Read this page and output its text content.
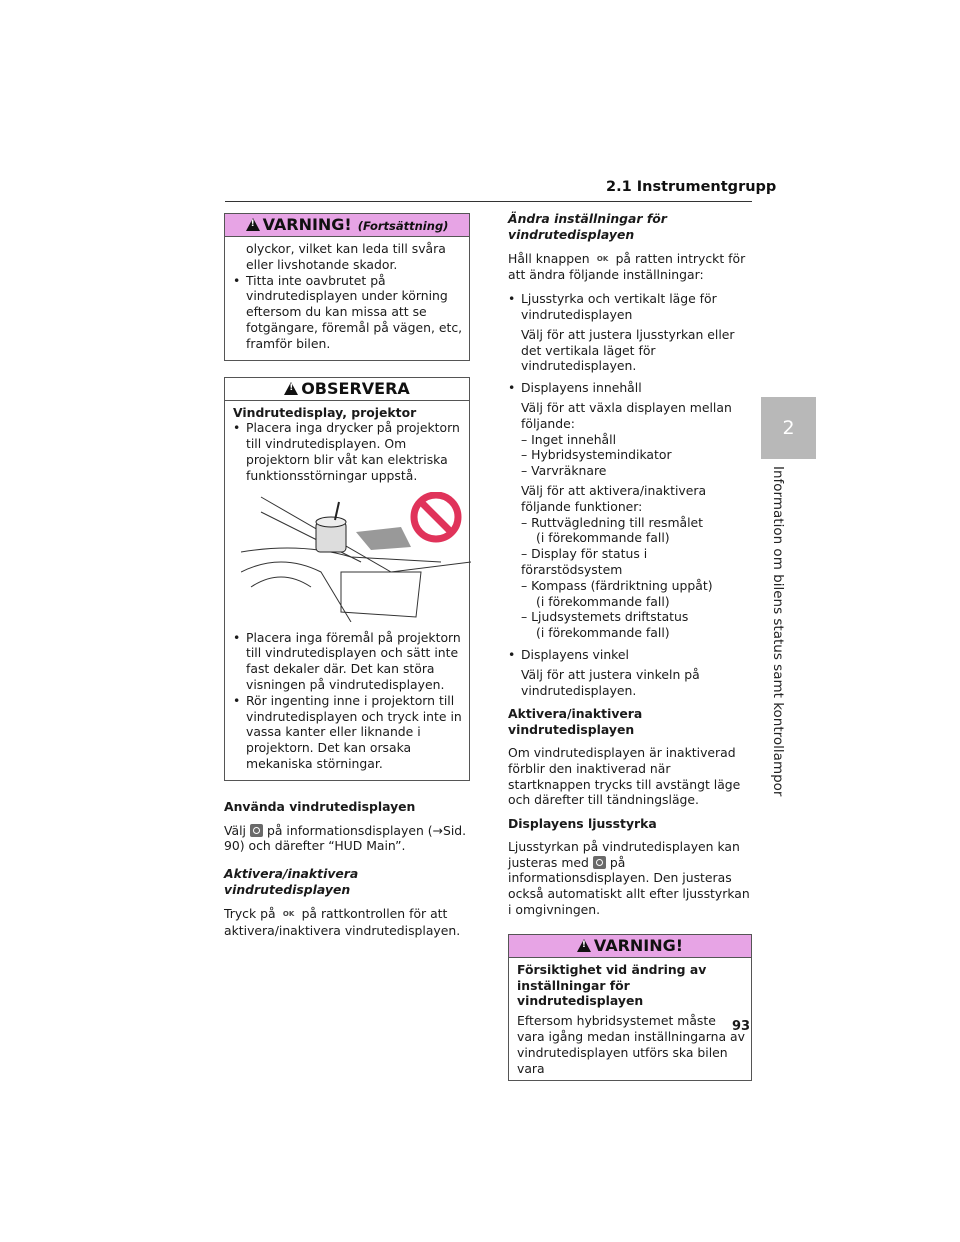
2.1 Instrumentgrupp
2
Information om bilens status samt kontrollampor
!VARNING! (Fortsättning)

olyckor, vilket kan leda till svåra eller livshotande skador.

• Titta inte oavbrutet på vindrutedisplayen under körning eftersom du kan missa att se fotgängare, föremål på vägen, etc, framför bilen.

!OBSERVERA

Vindrutedisplay, projektor

• Placera inga drycker på projektorn till vindrutedisplayen. Om projektorn blir våt kan elektriska funktionsstörningar uppstå.

• Placera inga föremål på projektorn till vindrutedisplayen och sätt inte fast dekaler där. Det kan störa visningen på vindrutedisplayen.

• Rör ingenting inne i projektorn till vindrutedisplayen och tryck inte in vassa kanter eller liknande i projektorn. Det kan orsaka mekaniska störningar.

Använda vindrutedisplayen

Välj på informationsdisplayen (→Sid. 90) och därefter “HUD Main”.

Aktivera/inaktivera vindrutedisplayen

Tryck på OK på rattkontrollen för att aktivera/inaktivera vindrutedisplayen.

Ändra inställningar för vindrutedisplayen

Håll knappen OK på ratten intryckt för att ändra följande inställningar:

• Ljusstyrka och vertikalt läge för vindrutedisplayen

Välj för att justera ljusstyrkan eller det vertikala läget för vindrutedisplayen.

• Displayens innehåll

Välj för att växla displayen mellan följande:

– Inget innehåll

– Hybridsystemindikator

– Varvräknare

Välj för att aktivera/inaktivera följande funktioner:

– Ruttvägledning till resmålet

(i förekommande fall)

– Display för status i förarstödsystem

– Kompass (färdriktning uppåt)

(i förekommande fall)

– Ljudsystemets driftstatus

(i förekommande fall)

• Displayens vinkel

Välj för att justera vinkeln på vindrutedisplayen.

Aktivera/inaktivera vindrutedisplayen

Om vindrutedisplayen är inaktiverad förblir den inaktiverad när startknappen trycks till avstängt läge och därefter till tändningsläge.

Displayens ljusstyrka

Ljusstyrkan på vindrutedisplayen kan justeras med på informationsdisplayen. Den justeras också automatiskt allt efter ljusstyrkan i omgivningen.

!VARNING!

Försiktighet vid ändring av inställningar för vindrutedisplayen

Eftersom hybridsystemet måste vara igång medan inställningarna av vindrutedisplayen utförs ska bilen vara

93
